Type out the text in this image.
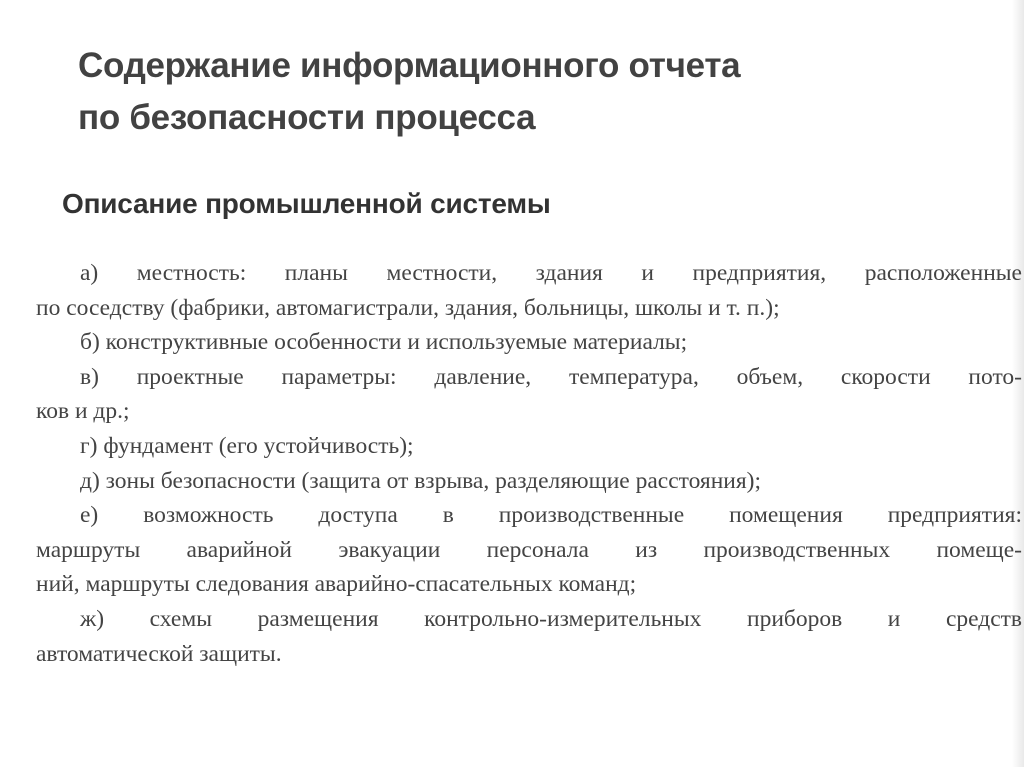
Содержание информационного отчета
по безопасности процесса
Описание промышленной системы
а) местность: планы местности, здания и предприятия, расположенные
по соседству (фабрики, автомагистрали, здания, больницы, школы и т. п.);
б) конструктивные особенности и используемые материалы;
в) проектные параметры: давление, температура, объем, скорости пото-
ков и др.;
г) фундамент (его устойчивость);
д) зоны безопасности (защита от взрыва, разделяющие расстояния);
е) возможность доступа в производственные помещения предприятия:
маршруты аварийной эвакуации персонала из производственных помеще-
ний, маршруты следования аварийно-спасательных команд;
ж) схемы размещения контрольно-измерительных приборов и средств
автоматической защиты.
